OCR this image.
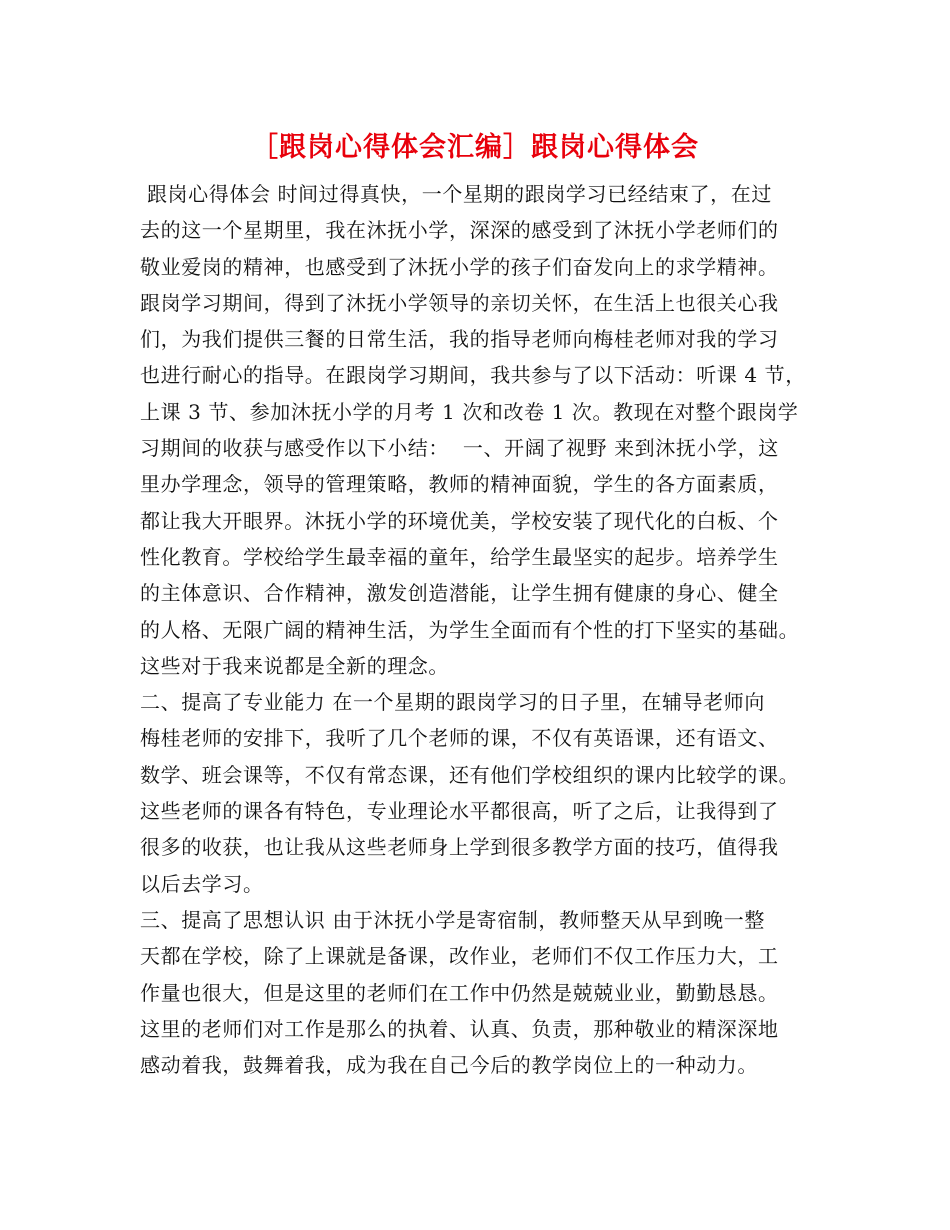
［跟岗心得体会汇编］跟岗心得体会
跟岗心得体会 时间过得真快，一个星期的跟岗学习已经结束了，在过
去的这一个星期里，我在沐抚小学，深深的感受到了沐抚小学老师们的
敬业爱岗的精神，也感受到了沐抚小学的孩子们奋发向上的求学精神。
跟岗学习期间，得到了沐抚小学领导的亲切关怀，在生活上也很关心我
们，为我们提供三餐的日常生活，我的指导老师向梅桂老师对我的学习
也进行耐心的指导。在跟岗学习期间，我共参与了以下活动：听课 4 节，
上课 3 节、参加沐抚小学的月考 1 次和改卷 1 次。教现在对整个跟岗学
习期间的收获与感受作以下小结：  一、开阔了视野 来到沐抚小学，这
里办学理念，领导的管理策略，教师的精神面貌，学生的各方面素质，
都让我大开眼界。沐抚小学的环境优美，学校安装了现代化的白板、个
性化教育。学校给学生最幸福的童年，给学生最坚实的起步。培养学生
的主体意识、合作精神，激发创造潜能，让学生拥有健康的身心、健全
的人格、无限广阔的精神生活，为学生全面而有个性的打下坚实的基础。
这些对于我来说都是全新的理念。
二、提高了专业能力 在一个星期的跟岗学习的日子里，在辅导老师向
梅桂老师的安排下，我听了几个老师的课，不仅有英语课，还有语文、
数学、班会课等，不仅有常态课，还有他们学校组织的课内比较学的课。
这些老师的课各有特色，专业理论水平都很高，听了之后，让我得到了
很多的收获，也让我从这些老师身上学到很多教学方面的技巧，值得我
以后去学习。
三、提高了思想认识 由于沐抚小学是寄宿制，教师整天从早到晚一整
天都在学校，除了上课就是备课，改作业，老师们不仅工作压力大，工
作量也很大，但是这里的老师们在工作中仍然是兢兢业业，勤勤恳恳。
这里的老师们对工作是那么的执着、认真、负责，那种敬业的精深深地
感动着我，鼓舞着我，成为我在自己今后的教学岗位上的一种动力。
